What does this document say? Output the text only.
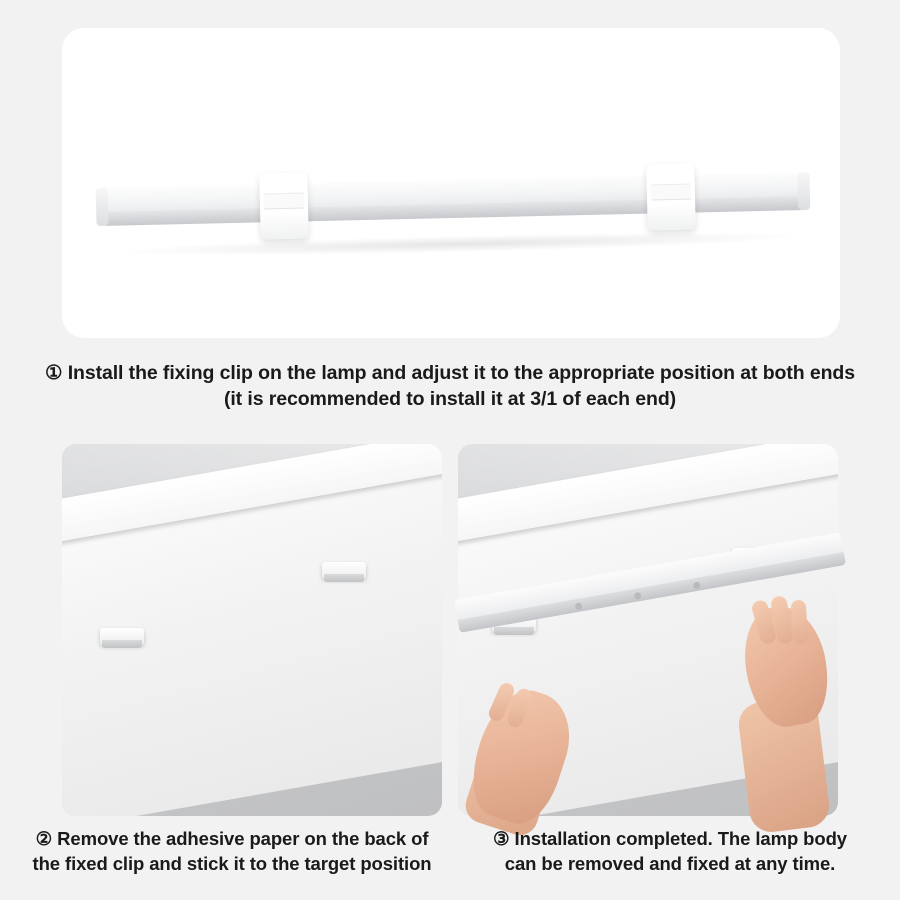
① Install the fixing clip on the lamp and adjust it to the appropriate position at both ends
(it is recommended to install it at 3/1 of each end)
② Remove the adhesive paper on the back of
the fixed clip and stick it to the target position
③ Installation completed. The lamp body
can be removed and fixed at any time.
